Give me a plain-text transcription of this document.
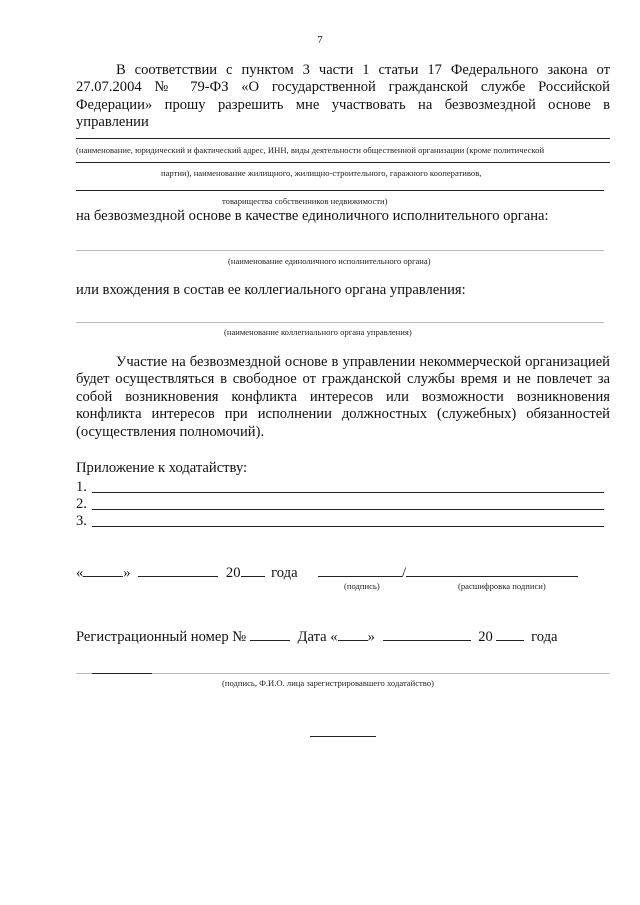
7
В соответствии с пунктом 3 части 1 статьи 17 Федерального закона от 27.07.2004 № 79-ФЗ «О государственной гражданской службе Российской Федерации» прошу разрешить мне участвовать на безвозмездной основе в управлении
(наименование, юридический и фактический адрес, ИНН, виды деятельности общественной организации (кроме политической
партии), наименование жилищного, жилищно-строительного, гаражного кооперативов,
товарищества собственников недвижимости)
на безвозмездной основе в качестве единоличного исполнительного органа:
(наименование единоличного исполнительного органа)
или вхождения в состав ее коллегиального органа управления:
(наименование коллегиального органа управления)
Участие на безвозмездной основе в управлении некоммерческой организацией будет осуществляться в свободное от гражданской службы время и не повлечет за собой возникновения конфликта интересов или возможности возникновения конфликта интересов при исполнении должностных (служебных) обязанностей (осуществления полномочий).
Приложение к ходатайству:
1.
2.
3.
«	»	20 года	/
(подпись)	(расшифровка подписи)
Регистрационный номер №	Дата « »	20	года
(подпись, Ф.И.О. лица зарегистрировавшего ходатайство)
